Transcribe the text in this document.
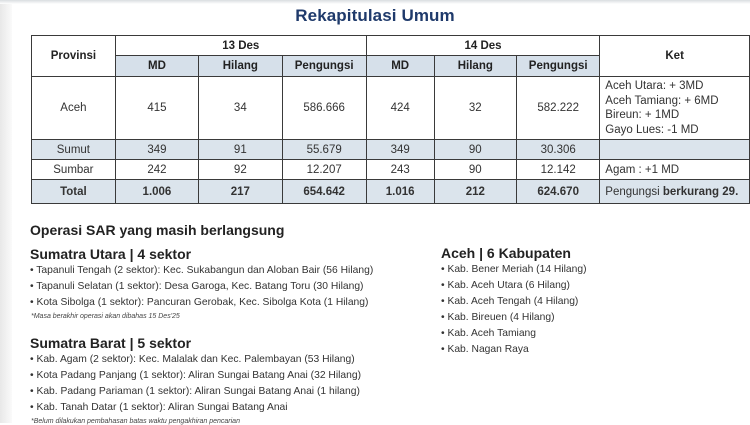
Rekapitulasi Umum
Provinsi	13 Des			14 Des			Ket
	MD	Hilang	Pengungsi	MD	Hilang	Pengungsi	
Aceh	415	34	586.666	424	32	582.222	Aceh Utara: + 3MD
Aceh Tamiang: + 6MD
Bireun: + 1MD
Gayo Lues: -1 MD

Sumut	349	91	55.679	349	90	30.306	
Sumbar	242	92	12.207	243	90	12.142	Agam : +1 MD
Total	1.006	217	654.642	1.016	212	624.670	Pengungsi berkurang 29.
Operasi SAR yang masih berlangsung
Sumatra Utara | 4 sektor
• Tapanuli Tengah (2 sektor): Kec. Sukabangun dan Aloban Bair (56 Hilang)
• Tapanuli Selatan (1 sektor): Desa Garoga, Kec. Batang Toru (30 Hilang)
• Kota Sibolga (1 sektor): Pancuran Gerobak, Kec. Sibolga Kota (1 Hilang)
*Masa berakhir operasi akan dibahas 15 Des'25
Sumatra Barat | 5 sektor
• Kab. Agam (2 sektor): Kec. Malalak dan Kec. Palembayan (53 Hilang)
• Kota Padang Panjang (1 sektor): Aliran Sungai Batang Anai (32 Hilang)
• Kab. Padang Pariaman (1 sektor): Aliran Sungai Batang Anai (1 hilang)
• Kab. Tanah Datar (1 sektor): Aliran Sungai Batang Anai
*Belum dilakukan pembahasan batas waktu pengakhiran pencarian
Aceh | 6 Kabupaten
• Kab. Bener Meriah (14 Hilang)
• Kab. Aceh Utara (6 Hilang)
• Kab. Aceh Tengah (4 Hilang)
• Kab. Bireuen (4 Hilang)
• Kab. Aceh Tamiang
• Kab. Nagan Raya
